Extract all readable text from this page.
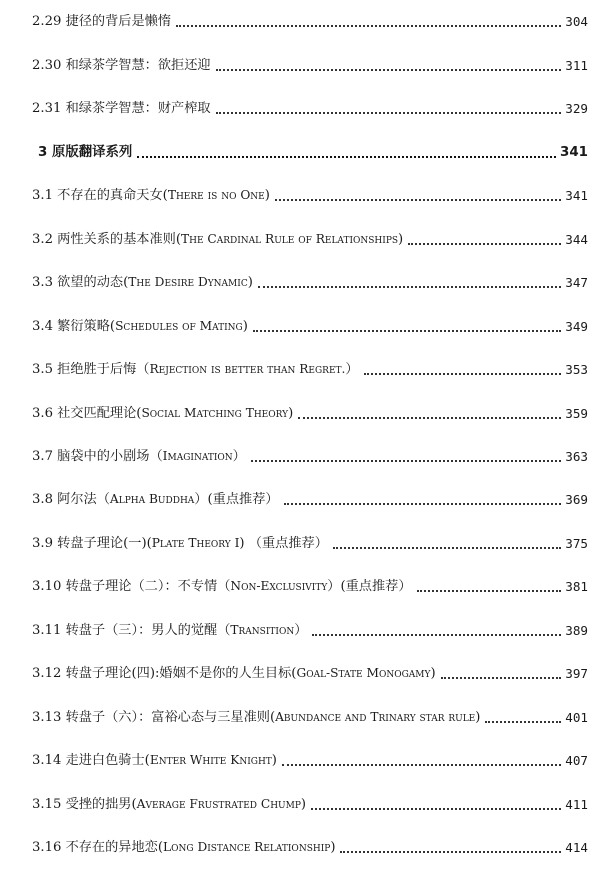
2.29 捷径的背后是懒惰	304
2.30 和绿茶学智慧：欲拒还迎	311
2.31 和绿茶学智慧：财产榨取	329
3 原版翻译系列	341
3.1 不存在的真命天女(There is no One)	341
3.2 两性关系的基本准则(The Cardinal Rule of Relationships)	344
3.3 欲望的动态(The Desire Dynamic)	347
3.4 繁衍策略(Schedules of Mating)	349
3.5 拒绝胜于后悔（Rejection is better than Regret.）	353
3.6 社交匹配理论(Social Matching Theory)	359
3.7 脑袋中的小剧场（Imagination）	363
3.8 阿尔法（Alpha Buddha）(重点推荐）	369
3.9 转盘子理论(一)(Plate Theory I) （重点推荐）	375
3.10 转盘子理论（二）：不专情（Non-Exclusivity）(重点推荐）	381
3.11 转盘子（三）：男人的觉醒（Transition）	389
3.12 转盘子理论(四):婚姻不是你的人生目标(Goal-State Monogamy)	397
3.13 转盘子（六）：富裕心态与三星准则(Abundance and Trinary star rule)	401
3.14 走进白色骑士(Enter White Knight)	407
3.15 受挫的拙男(Average Frustrated Chump)	411
3.16 不存在的异地恋(Long Distance Relationship)	414
